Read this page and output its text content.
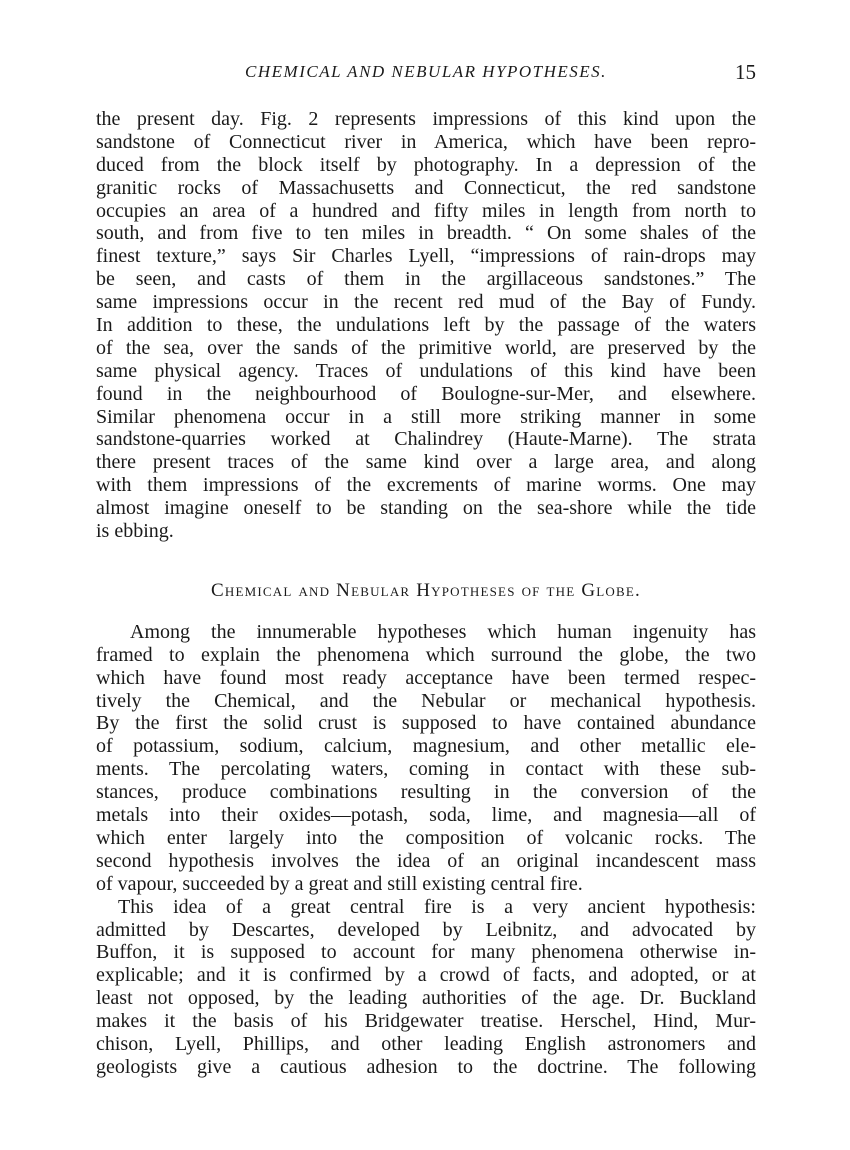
CHEMICAL AND NEBULAR HYPOTHESES.	15
the present day. Fig. 2 represents impressions of this kind upon the
sandstone of Connecticut river in America, which have been repro-
duced from the block itself by photography. In a depression of the
granitic rocks of Massachusetts and Connecticut, the red sandstone
occupies an area of a hundred and fifty miles in length from north to
south, and from five to ten miles in breadth. “ On some shales of the
finest texture,” says Sir Charles Lyell, “impressions of rain-drops may
be seen, and casts of them in the argillaceous sandstones.” The
same impressions occur in the recent red mud of the Bay of Fundy.
In addition to these, the undulations left by the passage of the waters
of the sea, over the sands of the primitive world, are preserved by the
same physical agency. Traces of undulations of this kind have been
found in the neighbourhood of Boulogne-sur-Mer, and elsewhere.
Similar phenomena occur in a still more striking manner in some
sandstone-quarries worked at Chalindrey (Haute-Marne). The strata
there present traces of the same kind over a large area, and along
with them impressions of the excrements of marine worms. One may
almost imagine oneself to be standing on the sea-shore while the tide
is ebbing.
Chemical and Nebular Hypotheses of the Globe.
Among the innumerable hypotheses which human ingenuity has
framed to explain the phenomena which surround the globe, the two
which have found most ready acceptance have been termed respec-
tively the Chemical, and the Nebular or mechanical hypothesis.
By the first the solid crust is supposed to have contained abundance
of potassium, sodium, calcium, magnesium, and other metallic ele-
ments. The percolating waters, coming in contact with these sub-
stances, produce combinations resulting in the conversion of the
metals into their oxides—potash, soda, lime, and magnesia—all of
which enter largely into the composition of volcanic rocks. The
second hypothesis involves the idea of an original incandescent mass
of vapour, succeeded by a great and still existing central fire.
This idea of a great central fire is a very ancient hypothesis:
admitted by Descartes, developed by Leibnitz, and advocated by
Buffon, it is supposed to account for many phenomena otherwise in-
explicable; and it is confirmed by a crowd of facts, and adopted, or at
least not opposed, by the leading authorities of the age. Dr. Buckland
makes it the basis of his Bridgewater treatise. Herschel, Hind, Mur-
chison, Lyell, Phillips, and other leading English astronomers and
geologists give a cautious adhesion to the doctrine. The following
